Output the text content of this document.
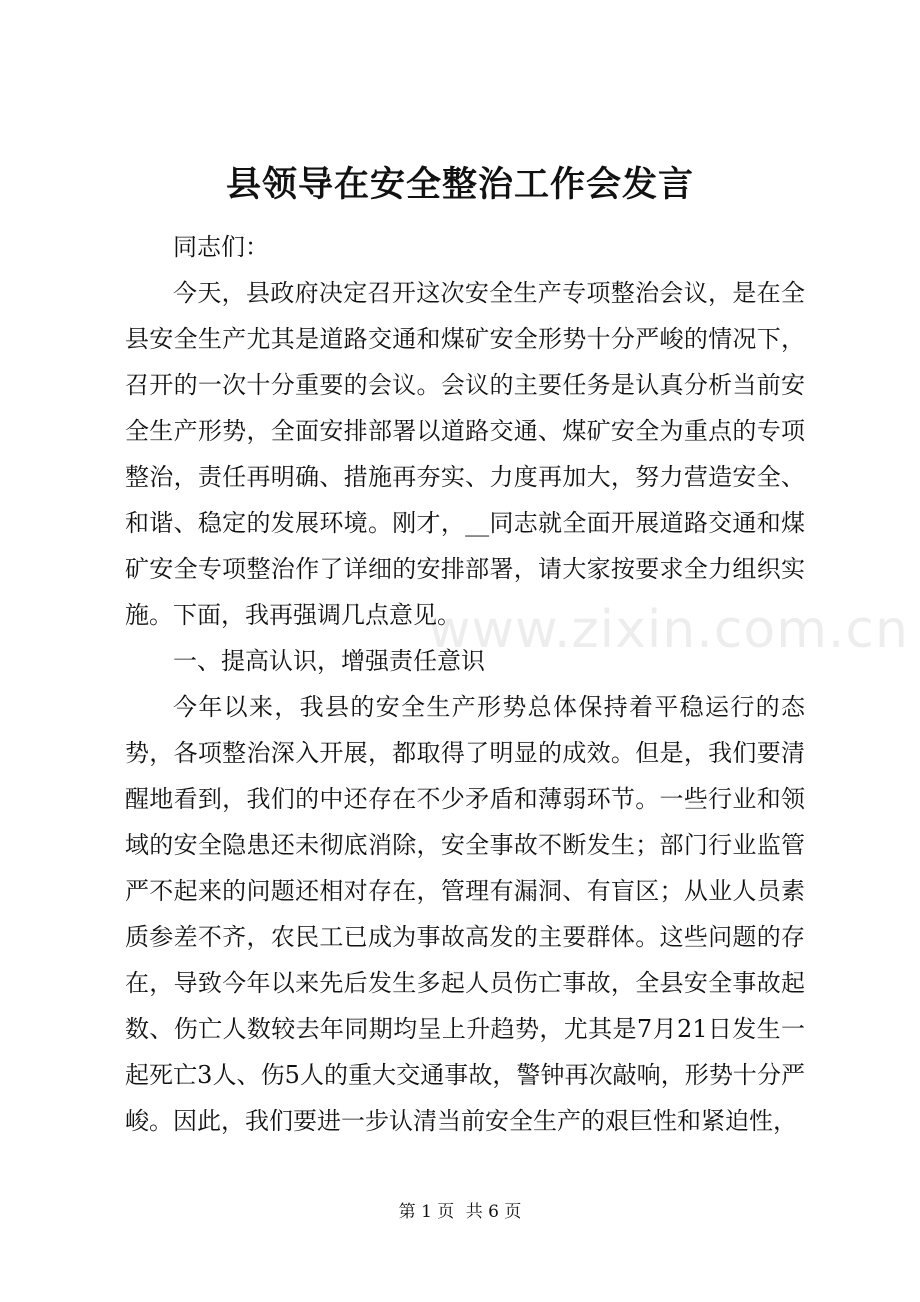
县领导在安全整治工作会发言

同志们：

今天，县政府决定召开这次安全生产专项整治会议，是在全县安全生产尤其是道路交通和煤矿安全形势十分严峻的情况下，召开的一次十分重要的会议。会议的主要任务是认真分析当前安全生产形势，全面安排部署以道路交通、煤矿安全为重点的专项整治，责任再明确、措施再夯实、力度再加大，努力营造安全、和谐、稳定的发展环境。刚才，__同志就全面开展道路交通和煤矿安全专项整治作了详细的安排部署，请大家按要求全力组织实施。下面，我再强调几点意见。

一、提高认识，增强责任意识

今年以来，我县的安全生产形势总体保持着平稳运行的态势，各项整治深入开展，都取得了明显的成效。但是，我们要清醒地看到，我们的中还存在不少矛盾和薄弱环节。一些行业和领域的安全隐患还未彻底消除，安全事故不断发生；部门行业监管严不起来的问题还相对存在，管理有漏洞、有盲区；从业人员素质参差不齐，农民工已成为事故高发的主要群体。这些问题的存在，导致今年以来先后发生多起人员伤亡事故，全县安全事故起数、伤亡人数较去年同期均呈上升趋势，尤其是7月21日发生一起死亡3人、伤5人的重大交通事故，警钟再次敲响，形势十分严峻。因此，我们要进一步认清当前安全生产的艰巨性和紧迫性，

www.zixin.com.cn
第 1 页 共 6 页
